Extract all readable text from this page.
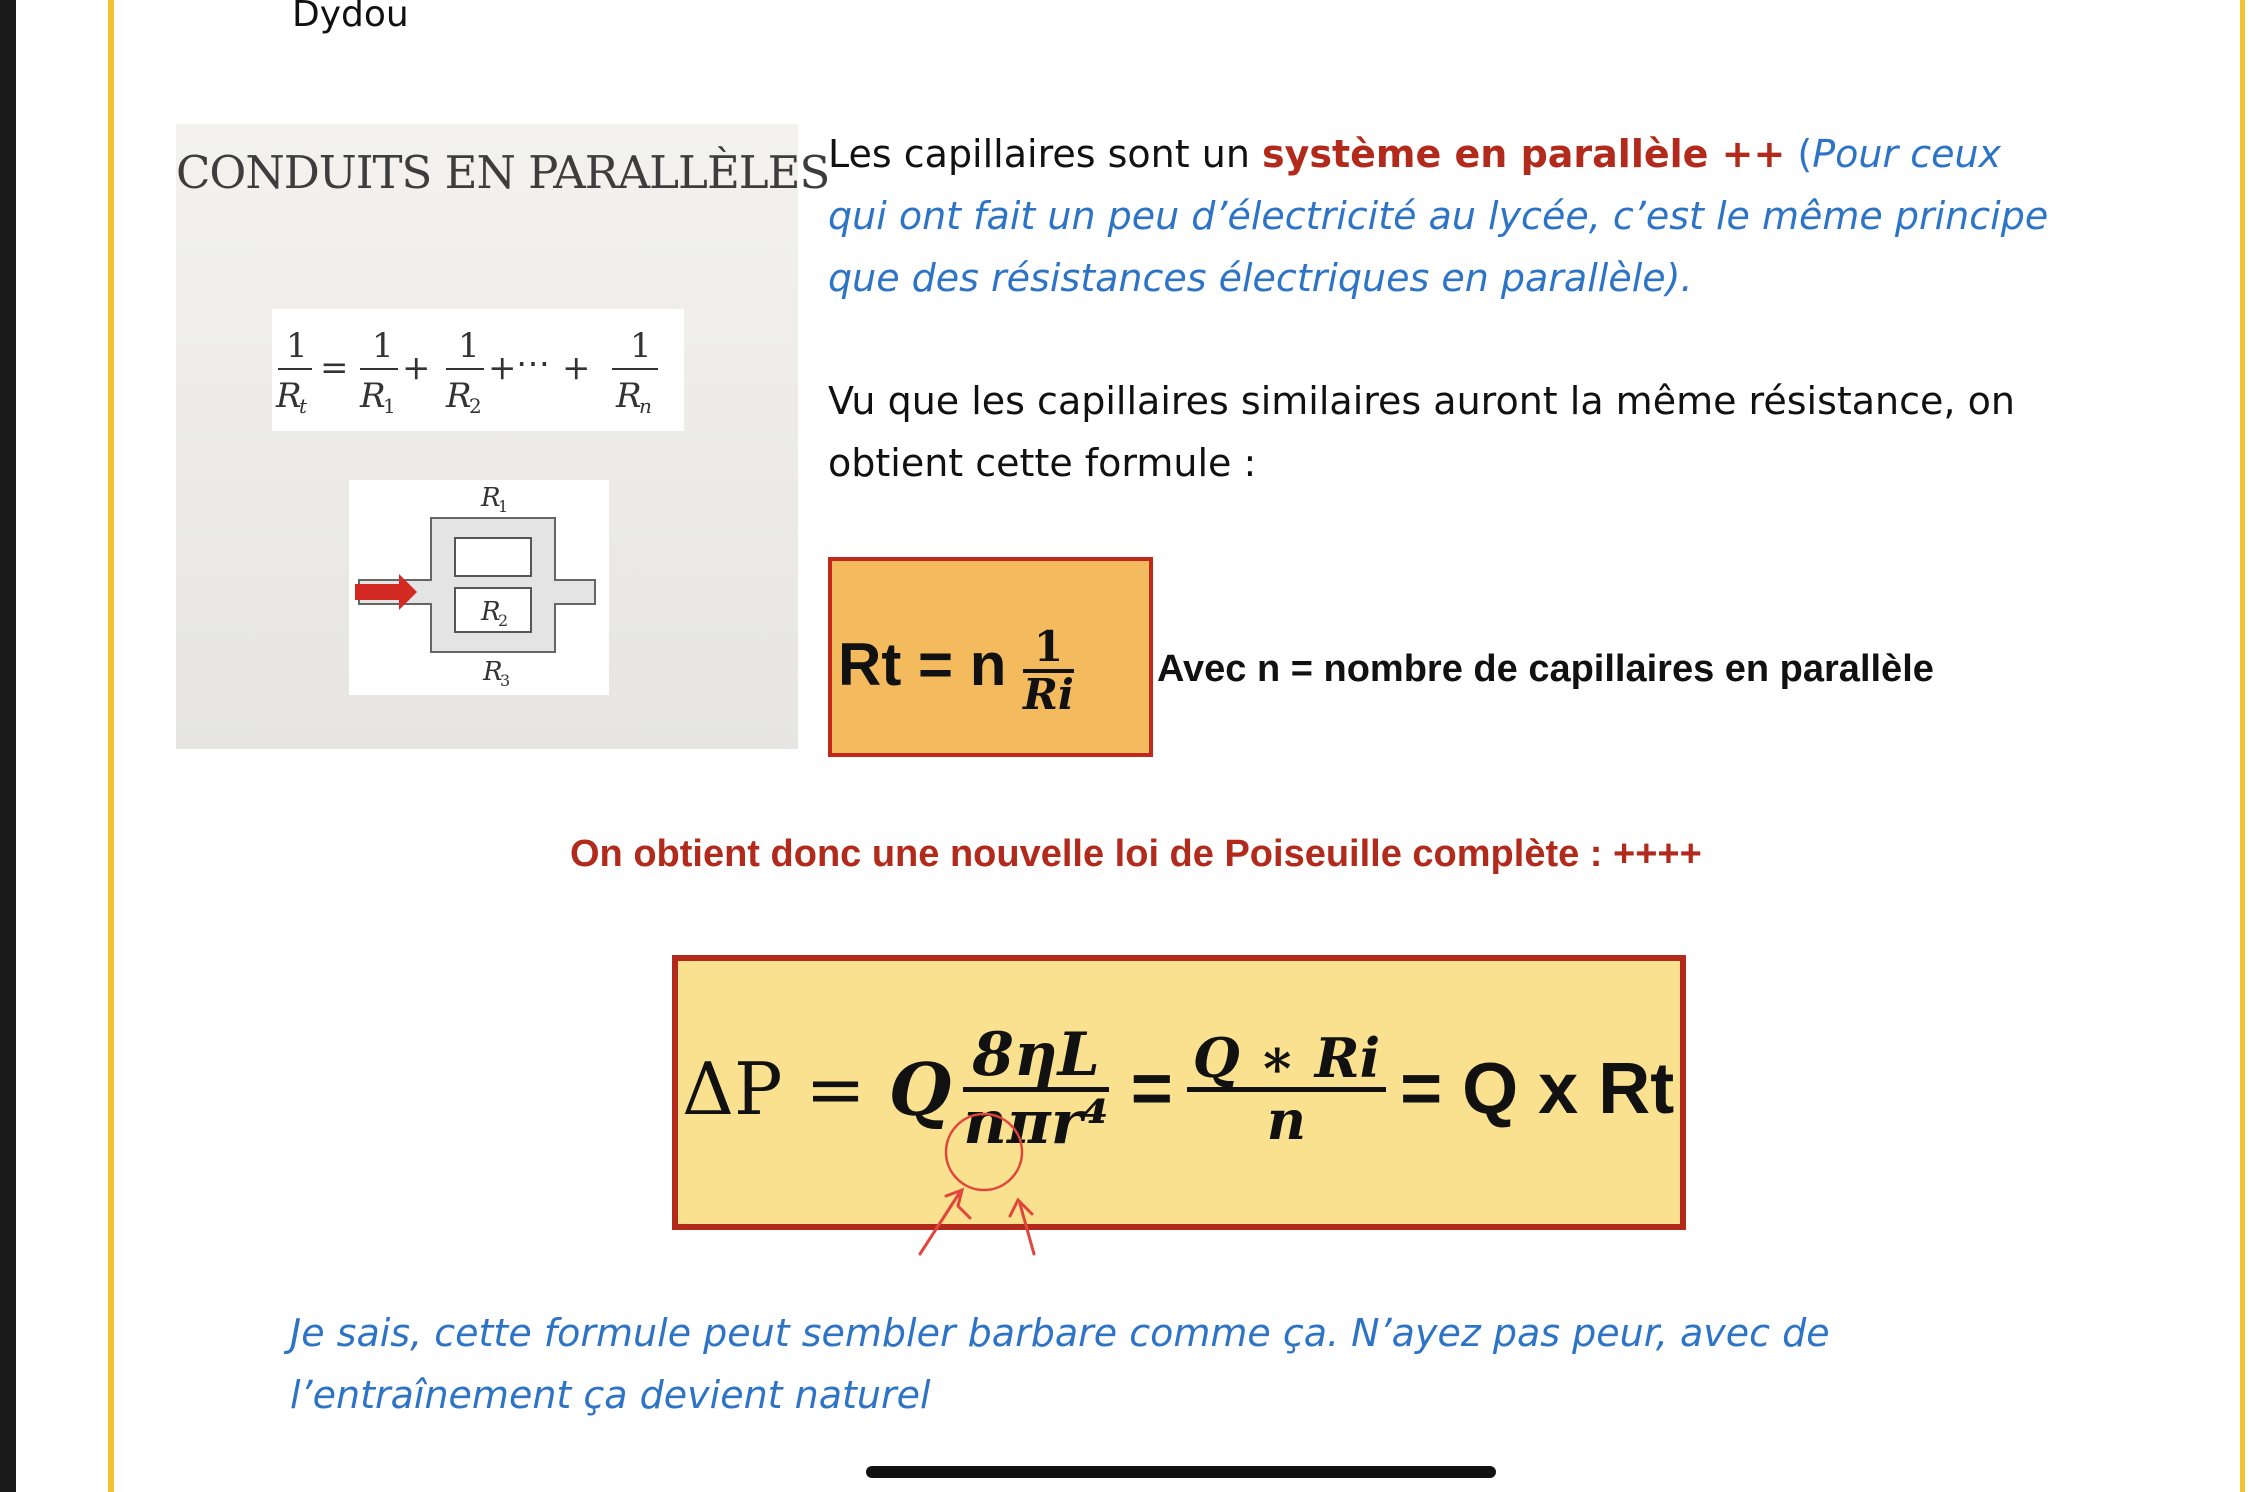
Dydou
CONDUITS EN PARALLÈLES
1
R
t
=
1
R
1
+
1
R
2
+ ⋯ +
1
R
n
R
1
R
2
R
3
Les capillaires sont un système en parallèle ++ (Pour ceux qui ont fait un peu d’électricité au lycée, c’est le même principe que des résistances électriques en parallèle).
Vu que les capillaires similaires auront la même résistance, on obtient cette formule :
Rt = n $\frac{1}{Ri}$ Avec n = nombre de capillaires en parallèle
On obtient donc une nouvelle loi de Poiseuille complète : ++++
ΔP = Q $\frac{8\eta L}{\text{nπr⁴}} = \frac{Q ∗ Ri}{n} = Q$ x Rt
Je sais, cette formule peut sembler barbare comme ça. N’ayez pas peur, avec de l’entraînement ça devient naturel
